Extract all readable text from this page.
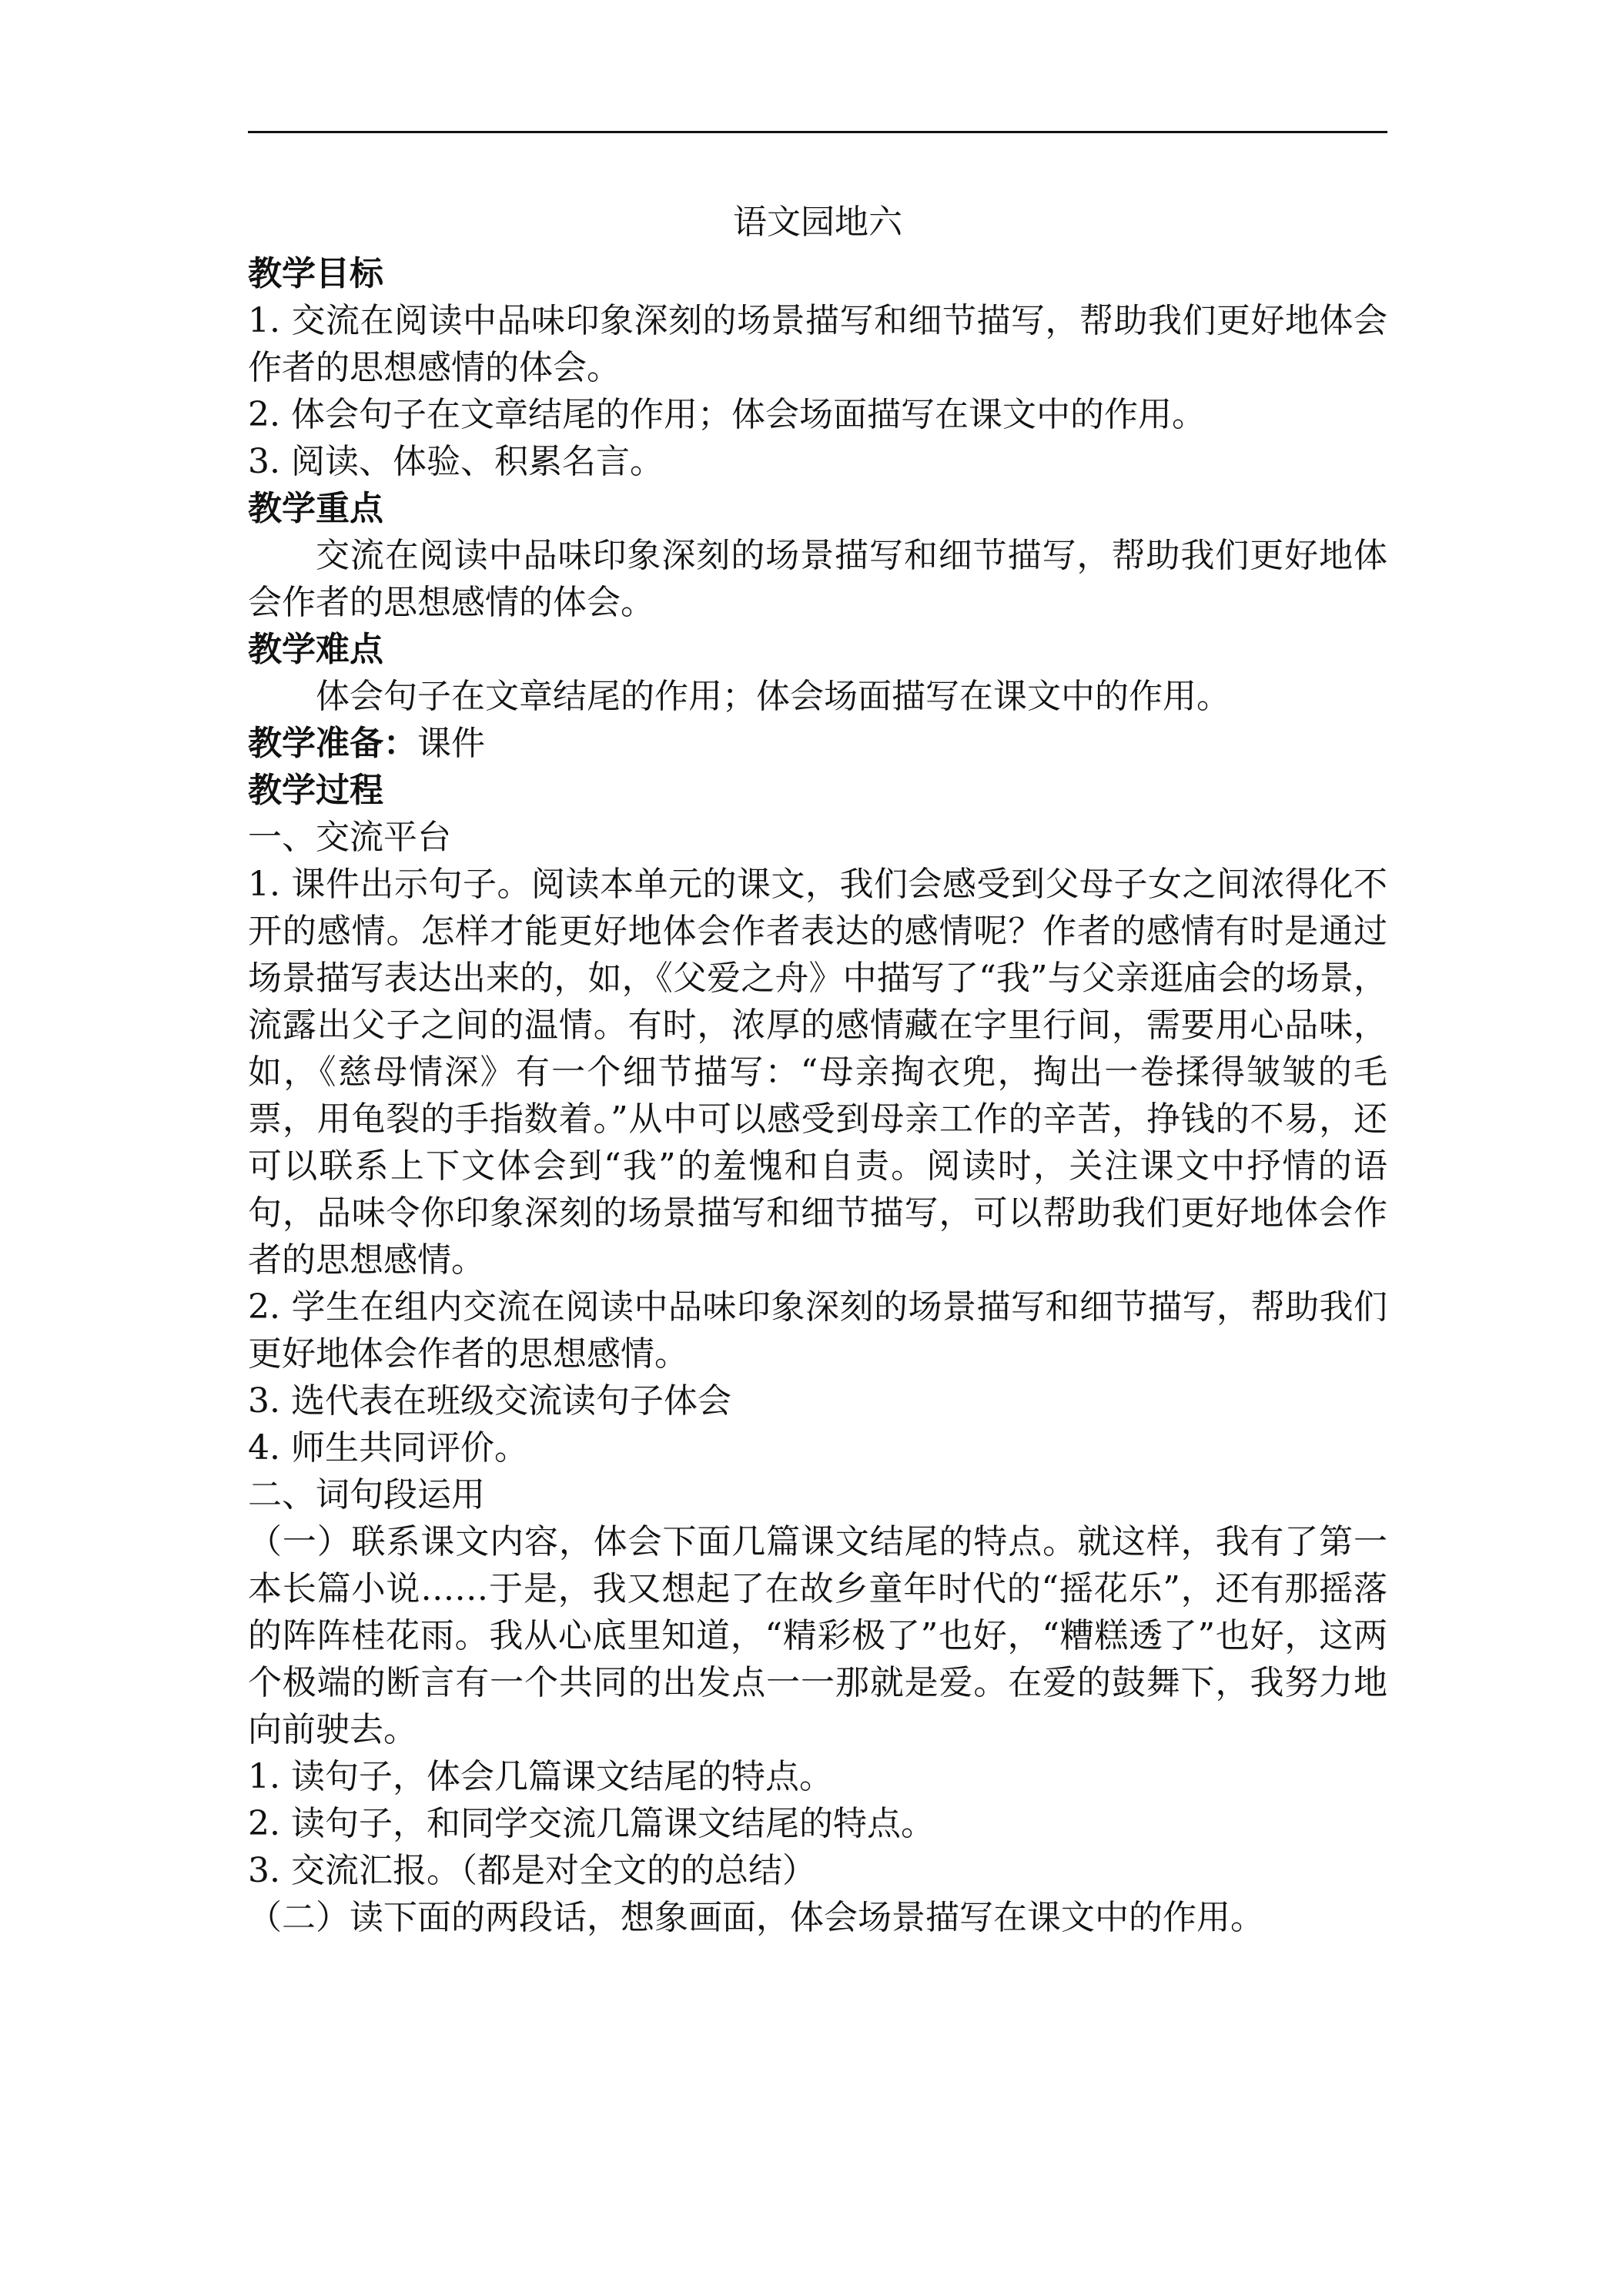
语文园地六

教学目标

1. 交流在阅读中品味印象深刻的场景描写和细节描写，帮助我们更好地体会作者的思想感情的体会。

2. 体会句子在文章结尾的作用；体会场面描写在课文中的作用。

3. 阅读、体验、积累名言。

教学重点

交流在阅读中品味印象深刻的场景描写和细节描写，帮助我们更好地体会作者的思想感情的体会。

教学难点

体会句子在文章结尾的作用；体会场面描写在课文中的作用。

教学准备：课件

教学过程

一、交流平台

1. 课件出示句子。阅读本单元的课文，我们会感受到父母子女之间浓得化不开的感情。怎样才能更好地体会作者表达的感情呢？作者的感情有时是通过场景描写表达出来的，如，《父爱之舟》中描写了“我”与父亲逛庙会的场景，流露出父子之间的温情。有时，浓厚的感情藏在字里行间，需要用心品味，如，《慈母情深》有一个细节描写：“母亲掏衣兜，掏出一卷揉得皱皱的毛票，用龟裂的手指数着。”从中可以感受到母亲工作的辛苦，挣钱的不易，还可以联系上下文体会到“我”的羞愧和自责。阅读时，关注课文中抒情的语句，品味令你印象深刻的场景描写和细节描写，可以帮助我们更好地体会作者的思想感情。

2. 学生在组内交流在阅读中品味印象深刻的场景描写和细节描写，帮助我们更好地体会作者的思想感情。

3. 选代表在班级交流读句子体会

4. 师生共同评价。

二、词句段运用

（一）联系课文内容，体会下面几篇课文结尾的特点。就这样，我有了第一本长篇小说……于是，我又想起了在故乡童年时代的“摇花乐”，还有那摇落的阵阵桂花雨。我从心底里知道，“精彩极了”也好，“糟糕透了”也好，这两个极端的断言有一个共同的出发点一一那就是爱。在爱的鼓舞下，我努力地向前驶去。

1. 读句子，体会几篇课文结尾的特点。

2. 读句子，和同学交流几篇课文结尾的特点。

3. 交流汇报。（都是对全文的的总结）

（二）读下面的两段话，想象画面，体会场景描写在课文中的作用。
